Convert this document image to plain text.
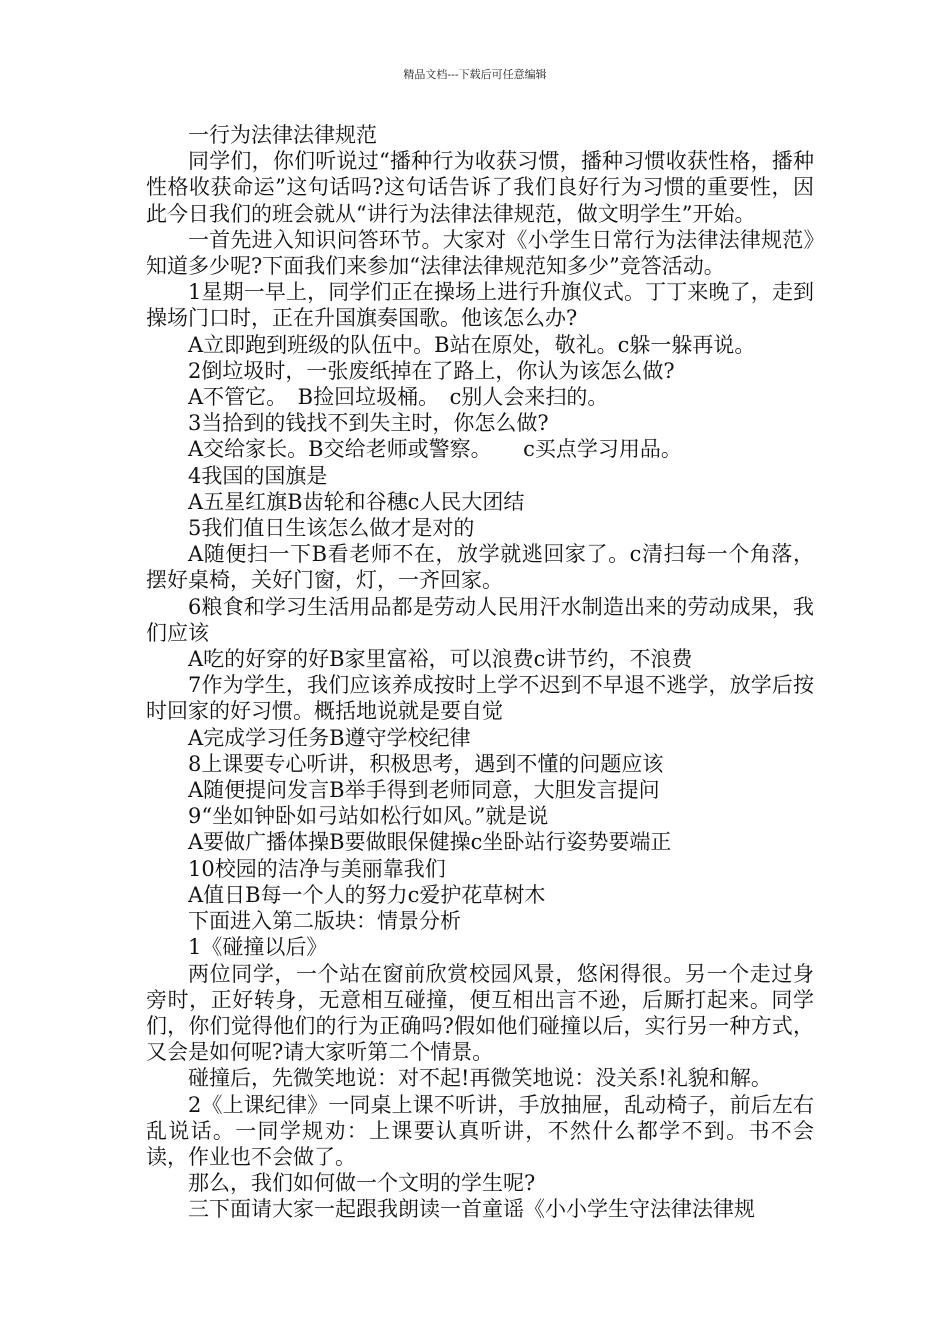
精品文档---下载后可任意编辑

一行为法律法律规范

同学们，你们听说过“播种行为收获习惯，播种习惯收获性格，播种性格收获命运”这句话吗?这句话告诉了我们良好行为习惯的重要性，因此今日我们的班会就从“讲行为法律法律规范，做文明学生”开始。

一首先进入知识问答环节。大家对《小学生日常行为法律法律规范》知道多少呢?下面我们来参加“法律法律规范知多少”竞答活动。

1星期一早上，同学们正在操场上进行升旗仪式。丁丁来晚了，走到操场门口时，正在升国旗奏国歌。他该怎么办?

A立即跑到班级的队伍中。B站在原处，敬礼。c躲一躲再说。

2倒垃圾时，一张废纸掉在了路上，你认为该怎么做?

A不管它。　B捡回垃圾桶。　c别人会来扫的。

3当拾到的钱找不到失主时，你怎么做?

A交给家长。B交给老师或警察。　　c买点学习用品。

4我国的国旗是

A五星红旗B齿轮和谷穗c人民大团结

5我们值日生该怎么做才是对的

A随便扫一下B看老师不在，放学就逃回家了。c清扫每一个角落，摆好桌椅，关好门窗，灯，一齐回家。

6粮食和学习生活用品都是劳动人民用汗水制造出来的劳动成果，我们应该

A吃的好穿的好B家里富裕，可以浪费c讲节约，不浪费

7作为学生，我们应该养成按时上学不迟到不早退不逃学，放学后按时回家的好习惯。概括地说就是要自觉

A完成学习任务B遵守学校纪律

8上课要专心听讲，积极思考，遇到不懂的问题应该

A随便提问发言B举手得到老师同意，大胆发言提问

9“坐如钟卧如弓站如松行如风。”就是说

A要做广播体操B要做眼保健操c坐卧站行姿势要端正

10校园的洁净与美丽靠我们

A值日B每一个人的努力c爱护花草树木

下面进入第二版块：情景分析

1《碰撞以后》

两位同学，一个站在窗前欣赏校园风景，悠闲得很。另一个走过身旁时，正好转身，无意相互碰撞，便互相出言不逊，后厮打起来。同学们，你们觉得他们的行为正确吗?假如他们碰撞以后，实行另一种方式，又会是如何呢?请大家听第二个情景。

碰撞后，先微笑地说：对不起!再微笑地说：没关系!礼貌和解。

2《上课纪律》一同桌上课不听讲，手放抽屉，乱动椅子，前后左右乱说话。一同学规劝：上课要认真听讲，不然什么都学不到。书不会读，作业也不会做了。

那么，我们如何做一个文明的学生呢?

三下面请大家一起跟我朗读一首童谣《小小学生守法律法律规
